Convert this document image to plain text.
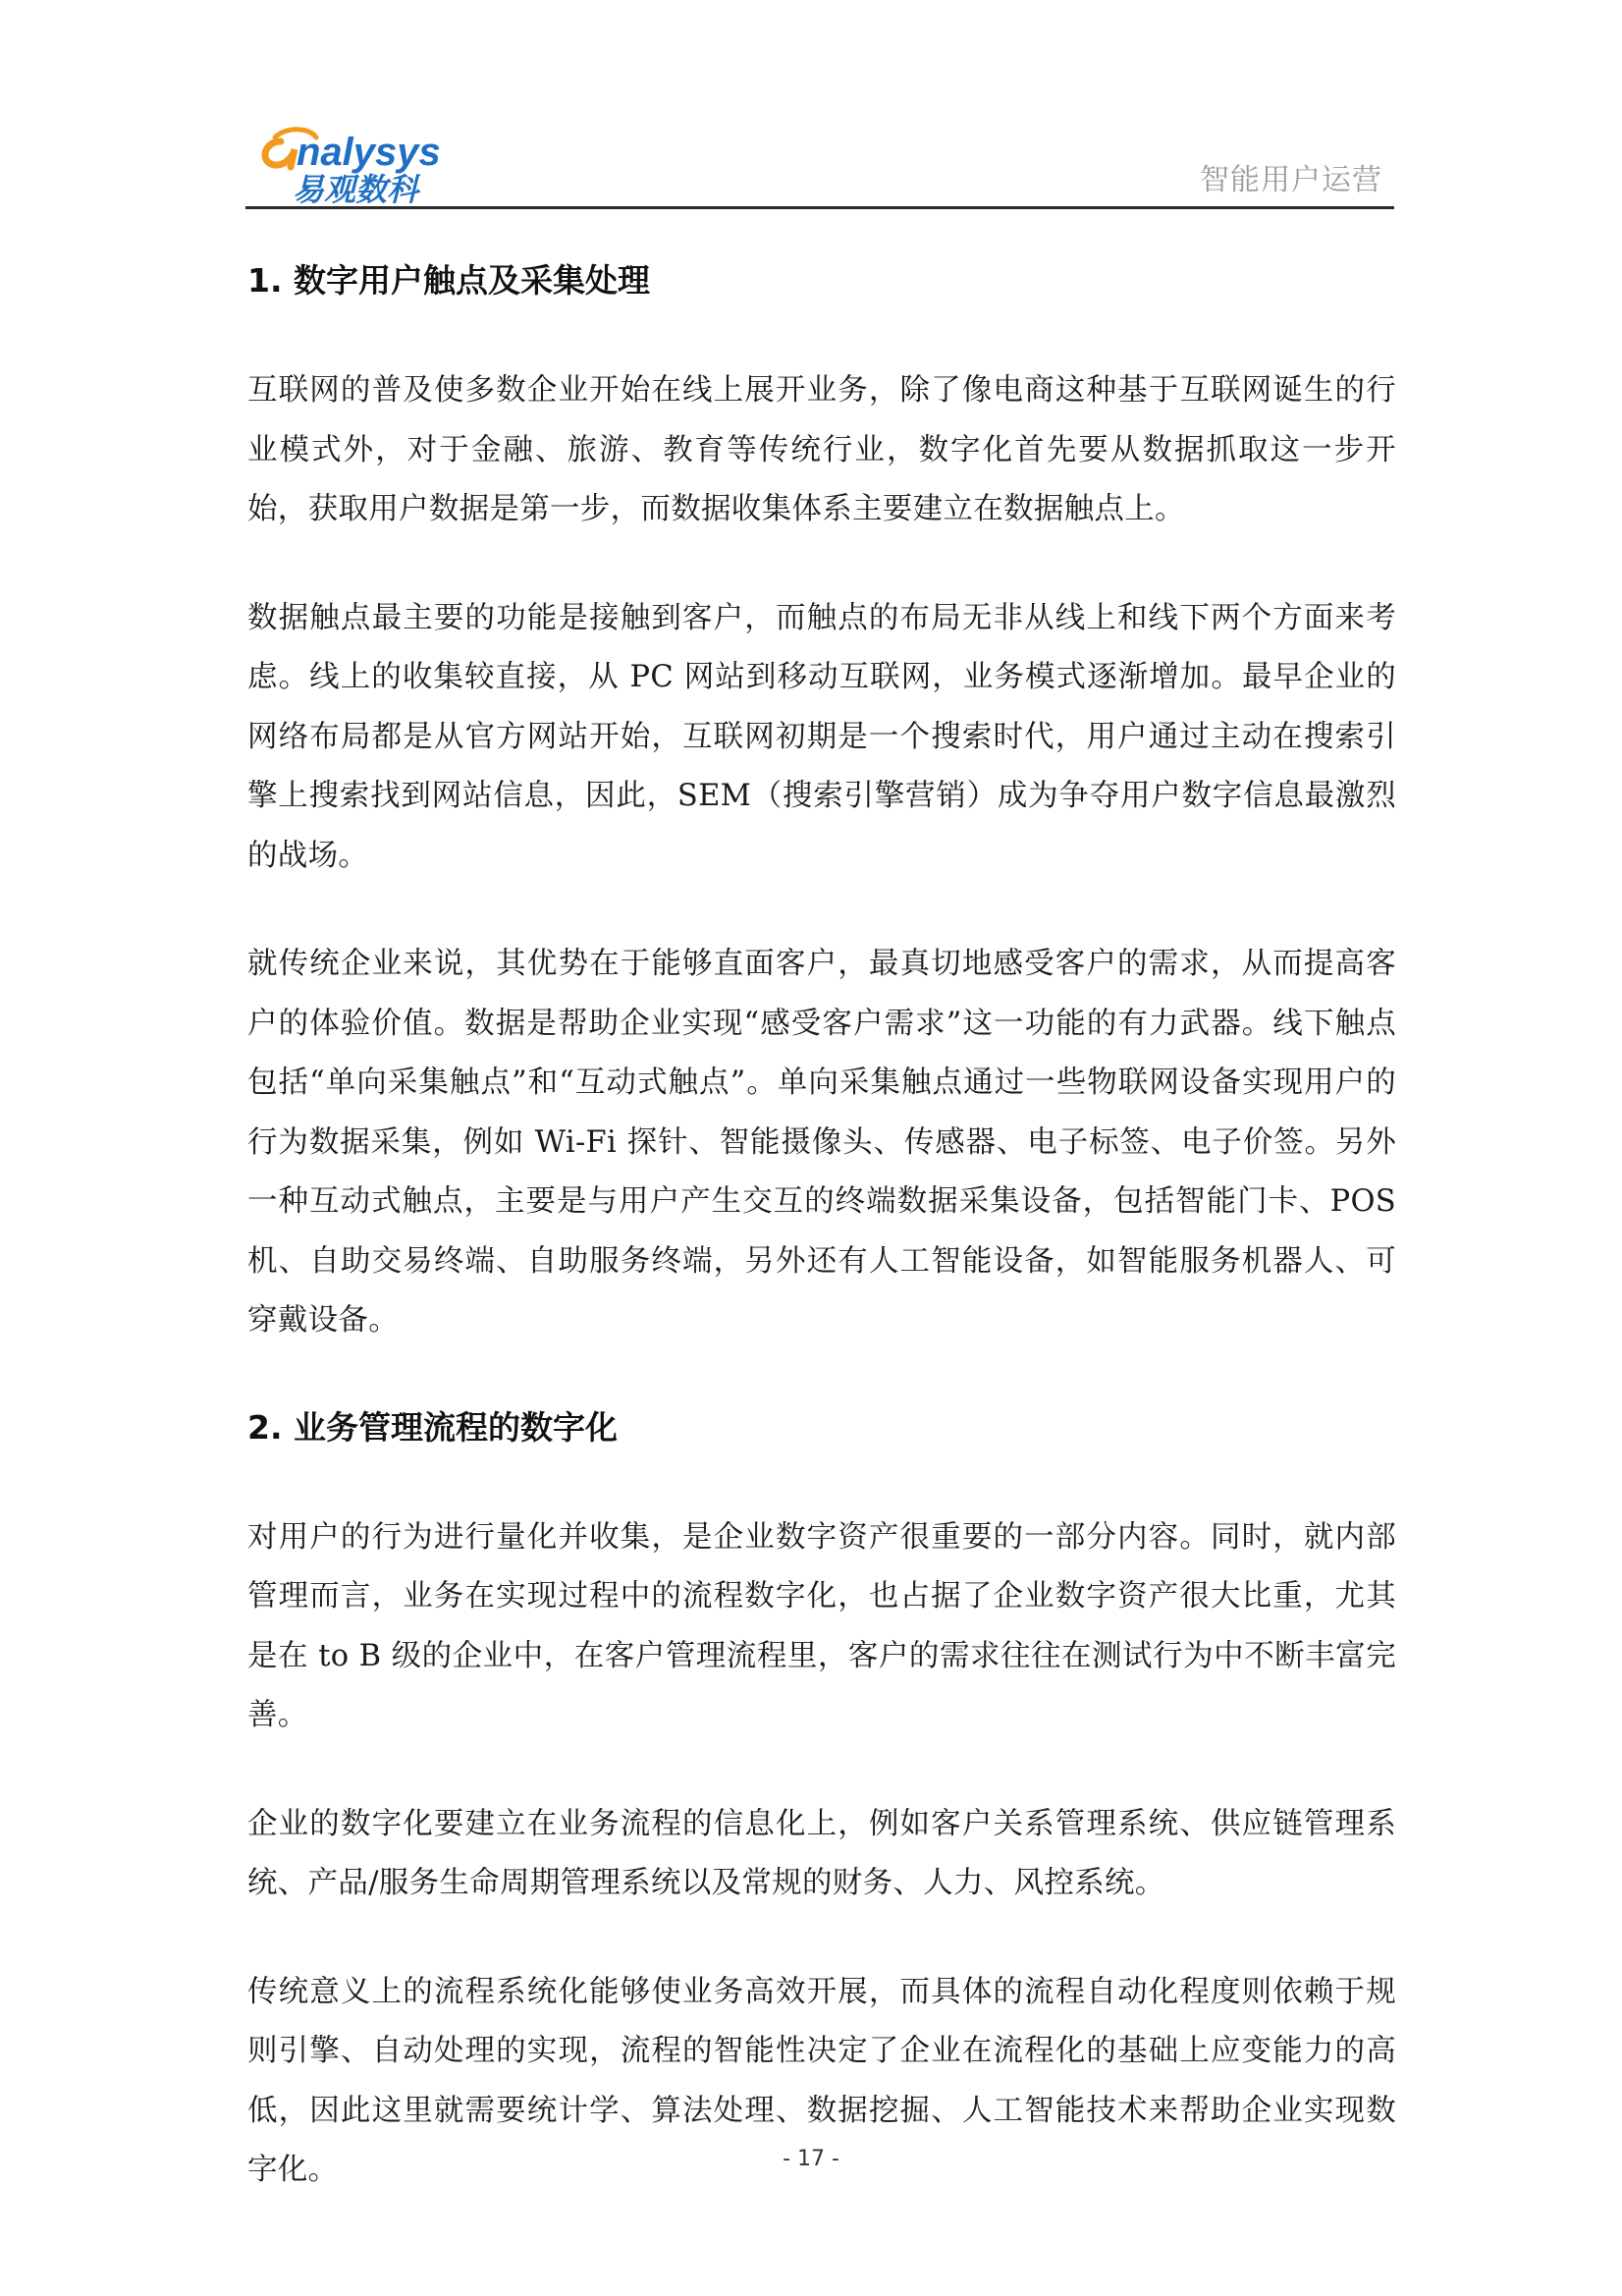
nalysys
易观数科	智能用户运营
1. 数字用户触点及采集处理

互联网的普及使多数企业开始在线上展开业务，除了像电商这种基于互联网诞生的行业模式外，对于金融、旅游、教育等传统行业，数字化首先要从数据抓取这一步开始，获取用户数据是第一步，而数据收集体系主要建立在数据触点上。

数据触点最主要的功能是接触到客户，而触点的布局无非从线上和线下两个方面来考虑。线上的收集较直接，从 PC 网站到移动互联网，业务模式逐渐增加。最早企业的网络布局都是从官方网站开始，互联网初期是一个搜索时代，用户通过主动在搜索引擎上搜索找到网站信息，因此，SEM（搜索引擎营销）成为争夺用户数字信息最激烈的战场。

就传统企业来说，其优势在于能够直面客户，最真切地感受客户的需求，从而提高客户的体验价值。数据是帮助企业实现“感受客户需求”这一功能的有力武器。线下触点包括“单向采集触点”和“互动式触点”。单向采集触点通过一些物联网设备实现用户的行为数据采集，例如 Wi-Fi 探针、智能摄像头、传感器、电子标签、电子价签。另外一种互动式触点，主要是与用户产生交互的终端数据采集设备，包括智能门卡、POS 机、自助交易终端、自助服务终端，另外还有人工智能设备，如智能服务机器人、可穿戴设备。

2. 业务管理流程的数字化

对用户的行为进行量化并收集，是企业数字资产很重要的一部分内容。同时，就内部管理而言，业务在实现过程中的流程数字化，也占据了企业数字资产很大比重，尤其是在 to B 级的企业中，在客户管理流程里，客户的需求往往在测试行为中不断丰富完善。

企业的数字化要建立在业务流程的信息化上，例如客户关系管理系统、供应链管理系统、产品/服务生命周期管理系统以及常规的财务、人力、风控系统。

传统意义上的流程系统化能够使业务高效开展，而具体的流程自动化程度则依赖于规则引擎、自动处理的实现，流程的智能性决定了企业在流程化的基础上应变能力的高低，因此这里就需要统计学、算法处理、数据挖掘、人工智能技术来帮助企业实现数字化。	- 17 -
